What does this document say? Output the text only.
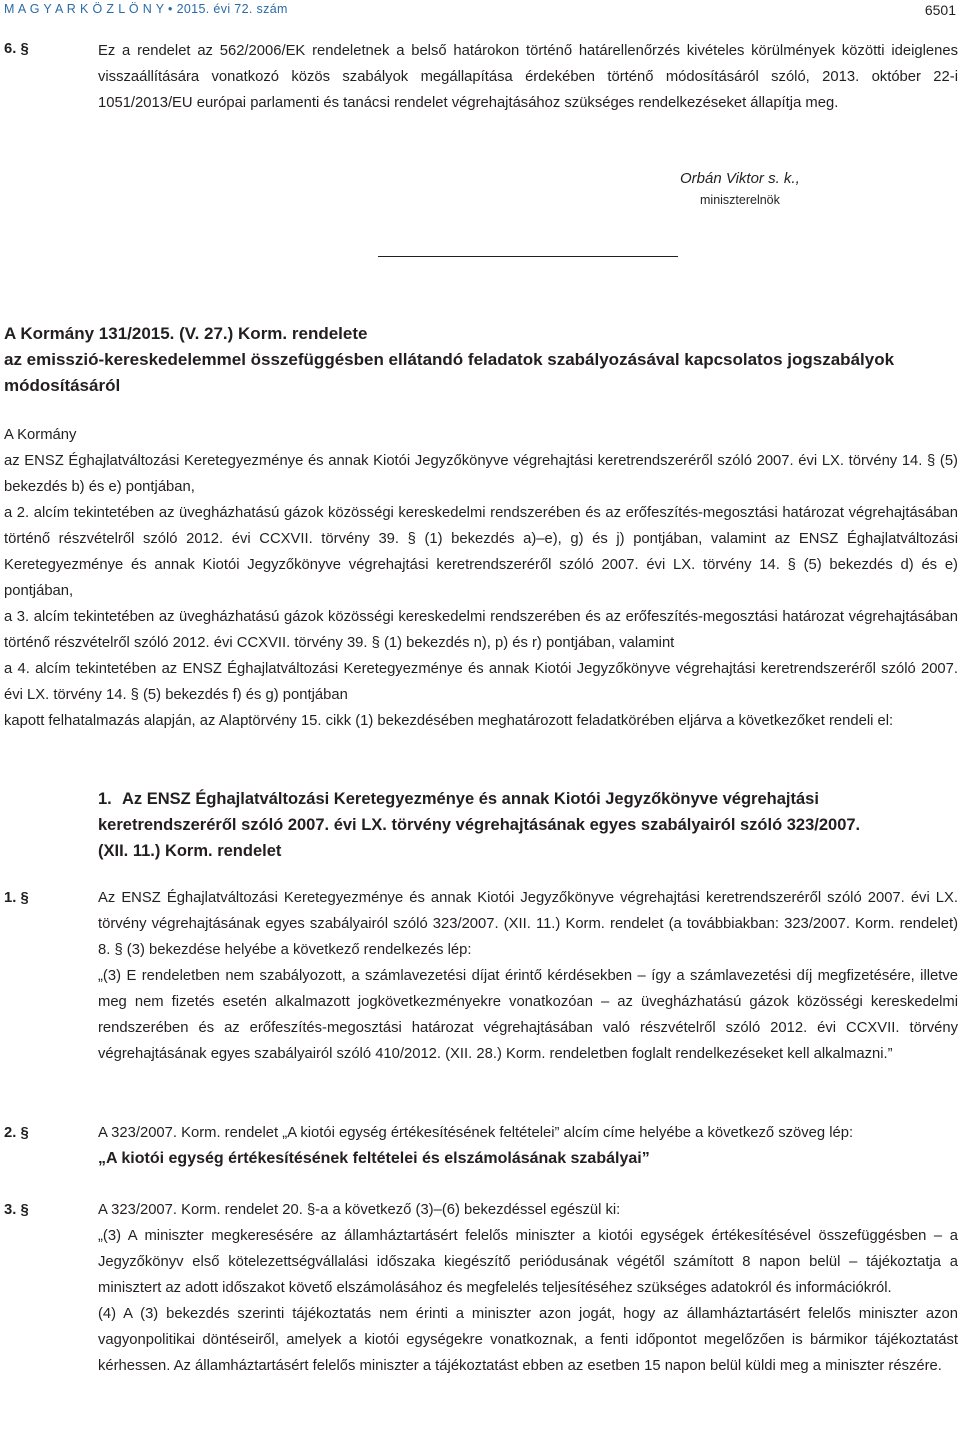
M A G Y A R K Ö Z L Ö N Y • 2015. évi 72. szám	6501
6. §	Ez a rendelet az 562/2006/EK rendeletnek a belső határokon történő határellenőrzés kivételes körülmények közötti ideiglenes visszaállítására vonatkozó közös szabályok megállapítása érdekében történő módosításáról szóló, 2013. október 22-i 1051/2013/EU európai parlamenti és tanácsi rendelet végrehajtásához szükséges rendelkezéseket állapítja meg.
Orbán Viktor s. k.,
miniszterelnök
A Kormány 131/2015. (V. 27.) Korm. rendelete
az emisszió-kereskedelemmel összefüggésben ellátandó feladatok szabályozásával kapcsolatos jogszabályok módosításáról
A Kormány
az ENSZ Éghajlatváltozási Keretegyezménye és annak Kiotói Jegyzőkönyve végrehajtási keretrendszeréről szóló 2007. évi LX. törvény 14. § (5) bekezdés b) és e) pontjában,
a 2. alcím tekintetében az üvegházhatású gázok közösségi kereskedelmi rendszerében és az erőfeszítés-megosztási határozat végrehajtásában történő részvételről szóló 2012. évi CCXVII. törvény 39. § (1) bekezdés a)–e), g) és j) pontjában, valamint az ENSZ Éghajlatváltozási Keretegyezménye és annak Kiotói Jegyzőkönyve végrehajtási keretrendszeréről szóló 2007. évi LX. törvény 14. § (5) bekezdés d) és e) pontjában,
a 3. alcím tekintetében az üvegházhatású gázok közösségi kereskedelmi rendszerében és az erőfeszítés-megosztási határozat végrehajtásában történő részvételről szóló 2012. évi CCXVII. törvény 39. § (1) bekezdés n), p) és r) pontjában, valamint
a 4. alcím tekintetében az ENSZ Éghajlatváltozási Keretegyezménye és annak Kiotói Jegyzőkönyve végrehajtási keretrendszeréről szóló 2007. évi LX. törvény 14. § (5) bekezdés f) és g) pontjában
kapott felhatalmazás alapján, az Alaptörvény 15. cikk (1) bekezdésében meghatározott feladatkörében eljárva a következőket rendeli el:
1. Az ENSZ Éghajlatváltozási Keretegyezménye és annak Kiotói Jegyzőkönyve végrehajtási keretrendszeréről szóló 2007. évi LX. törvény végrehajtásának egyes szabályairól szóló 323/2007. (XII. 11.) Korm. rendelet
1. §	Az ENSZ Éghajlatváltozási Keretegyezménye és annak Kiotói Jegyzőkönyve végrehajtási keretrendszeréről szóló 2007. évi LX. törvény végrehajtásának egyes szabályairól szóló 323/2007. (XII. 11.) Korm. rendelet (a továbbiakban: 323/2007. Korm. rendelet) 8. § (3) bekezdése helyébe a következő rendelkezés lép:
„(3) E rendeletben nem szabályozott, a számlavezetési díjat érintő kérdésekben – így a számlavezetési díj megfizetésére, illetve meg nem fizetés esetén alkalmazott jogkövetkezményekre vonatkozóan – az üvegházhatású gázok közösségi kereskedelmi rendszerében és az erőfeszítés-megosztási határozat végrehajtásában való részvételről szóló 2012. évi CCXVII. törvény végrehajtásának egyes szabályairól szóló 410/2012. (XII. 28.) Korm. rendeletben foglalt rendelkezéseket kell alkalmazni.”
2. §	A 323/2007. Korm. rendelet „A kiotói egység értékesítésének feltételei” alcím címe helyébe a következő szöveg lép:
„A kiotói egység értékesítésének feltételei és elszámolásának szabályai”
3. §	A 323/2007. Korm. rendelet 20. §-a a következő (3)–(6) bekezdéssel egészül ki:
„(3) A miniszter megkeresésére az államháztartásért felelős miniszter a kiotói egységek értékesítésével összefüggésben – a Jegyzőkönyv első kötelezettségvállalási időszaka kiegészítő periódusának végétől számított 8 napon belül – tájékoztatja a minisztert az adott időszakot követő elszámolásához és megfelelés teljesítéséhez szükséges adatokról és információkról.
(4) A (3) bekezdés szerinti tájékoztatás nem érinti a miniszter azon jogát, hogy az államháztartásért felelős miniszter azon vagyonpolitikai döntéseiről, amelyek a kiotói egységekre vonatkoznak, a fenti időpontot megelőzően is bármikor tájékoztatást kérhessen. Az államháztartásért felelős miniszter a tájékoztatást ebben az esetben 15 napon belül küldi meg a miniszter részére.
